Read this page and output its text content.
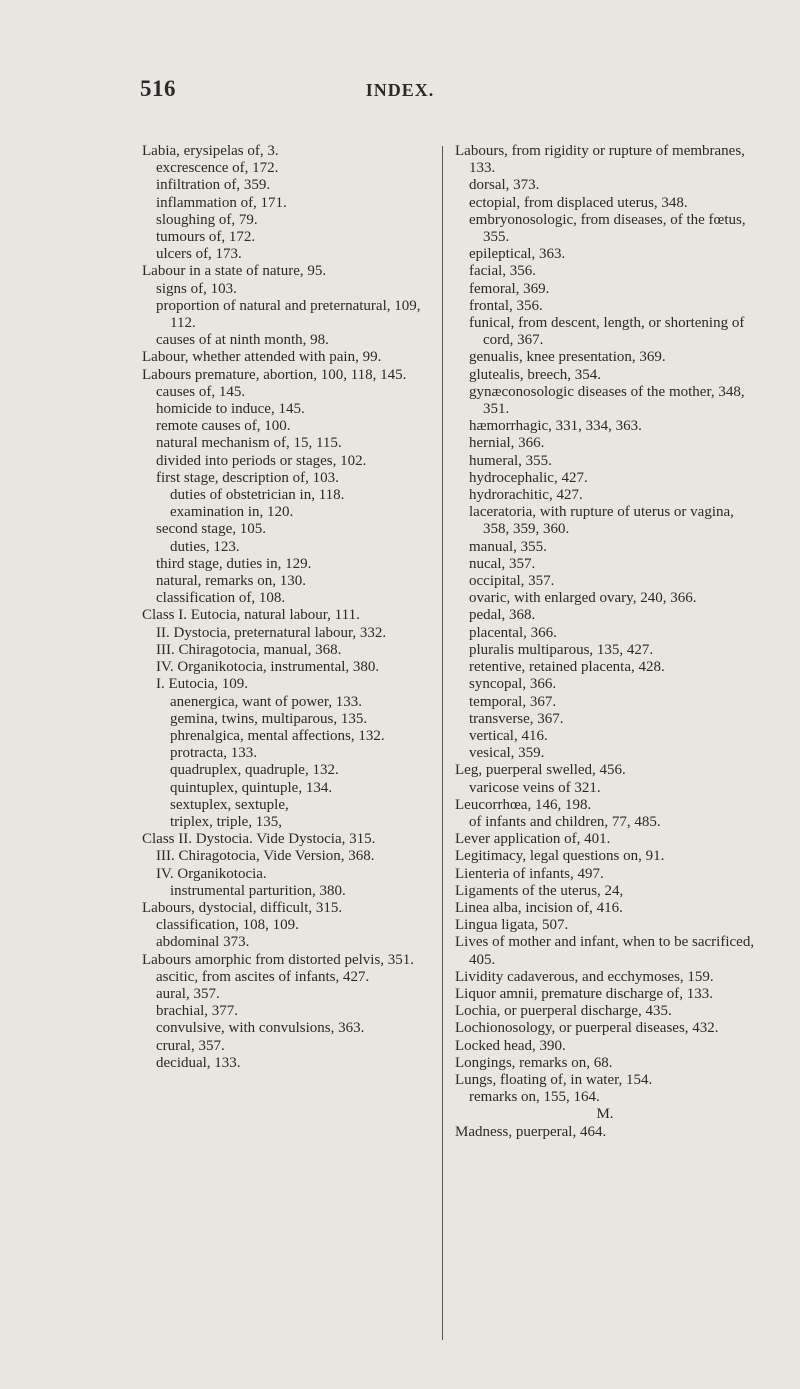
516	INDEX.

Labia, erysipelas of, 3.

excrescence of, 172.

infiltration of, 359.

inflammation of, 171.

sloughing of, 79.

tumours of, 172.

ulcers of, 173.

Labour in a state of nature, 95.

signs of, 103.

proportion of natural and preternatural, 109, 112.

causes of at ninth month, 98.

Labour, whether attended with pain, 99.

Labours premature, abortion, 100, 118, 145.

causes of, 145.

homicide to induce, 145.

remote causes of, 100.

natural mechanism of, 15, 115.

divided into periods or stages, 102.

first stage, description of, 103.

duties of obstetrician in, 118.

examination in, 120.

second stage, 105.

duties, 123.

third stage, duties in, 129.

natural, remarks on, 130.

classification of, 108.

Class I. Eutocia, natural labour, 111.

II. Dystocia, preternatural labour, 332.

III. Chiragotocia, manual, 368.

IV. Organikotocia, instrumental, 380.

I. Eutocia, 109.

anenergica, want of power, 133.

gemina, twins, multiparous, 135.

phrenalgica, mental affections, 132.

protracta, 133.

quadruplex, quadruple, 132.

quintuplex, quintuple, 134.

sextuplex, sextuple,

triplex, triple, 135,

Class II. Dystocia. Vide Dystocia, 315.

III. Chiragotocia, Vide Version, 368.

IV. Organikotocia.

instrumental parturition, 380.

Labours, dystocial, difficult, 315.

classification, 108, 109.

abdominal 373.

Labours amorphic from distorted pelvis, 351.

ascitic, from ascites of infants, 427.

aural, 357.

brachial, 377.

convulsive, with convulsions, 363.

crural, 357.

decidual, 133.

Labours, from rigidity or rupture of membranes, 133.

dorsal, 373.

ectopial, from displaced uterus, 348.

embryonosologic, from diseases, of the fœtus, 355.

epileptical, 363.

facial, 356.

femoral, 369.

frontal, 356.

funical, from descent, length, or shortening of cord, 367.

genualis, knee presentation, 369.

glutealis, breech, 354.

gynæconosologic diseases of the mother, 348, 351.

hæmorrhagic, 331, 334, 363.

hernial, 366.

humeral, 355.

hydrocephalic, 427.

hydrorachitic, 427.

laceratoria, with rupture of uterus or vagina, 358, 359, 360.

manual, 355.

nucal, 357.

occipital, 357.

ovaric, with enlarged ovary, 240, 366.

pedal, 368.

placental, 366.

pluralis multiparous, 135, 427.

retentive, retained placenta, 428.

syncopal, 366.

temporal, 367.

transverse, 367.

vertical, 416.

vesical, 359.

Leg, puerperal swelled, 456.

varicose veins of 321.

Leucorrhœa, 146, 198.

of infants and children, 77, 485.

Lever application of, 401.

Legitimacy, legal questions on, 91.

Lienteria of infants, 497.

Ligaments of the uterus, 24,

Linea alba, incision of, 416.

Lingua ligata, 507.

Lives of mother and infant, when to be sacrificed, 405.

Lividity cadaverous, and ecchymoses, 159.

Liquor amnii, premature discharge of, 133.

Lochia, or puerperal discharge, 435.

Lochionosology, or puerperal diseases, 432.

Locked head, 390.

Longings, remarks on, 68.

Lungs, floating of, in water, 154.

remarks on, 155, 164.

M.

Madness, puerperal, 464.
